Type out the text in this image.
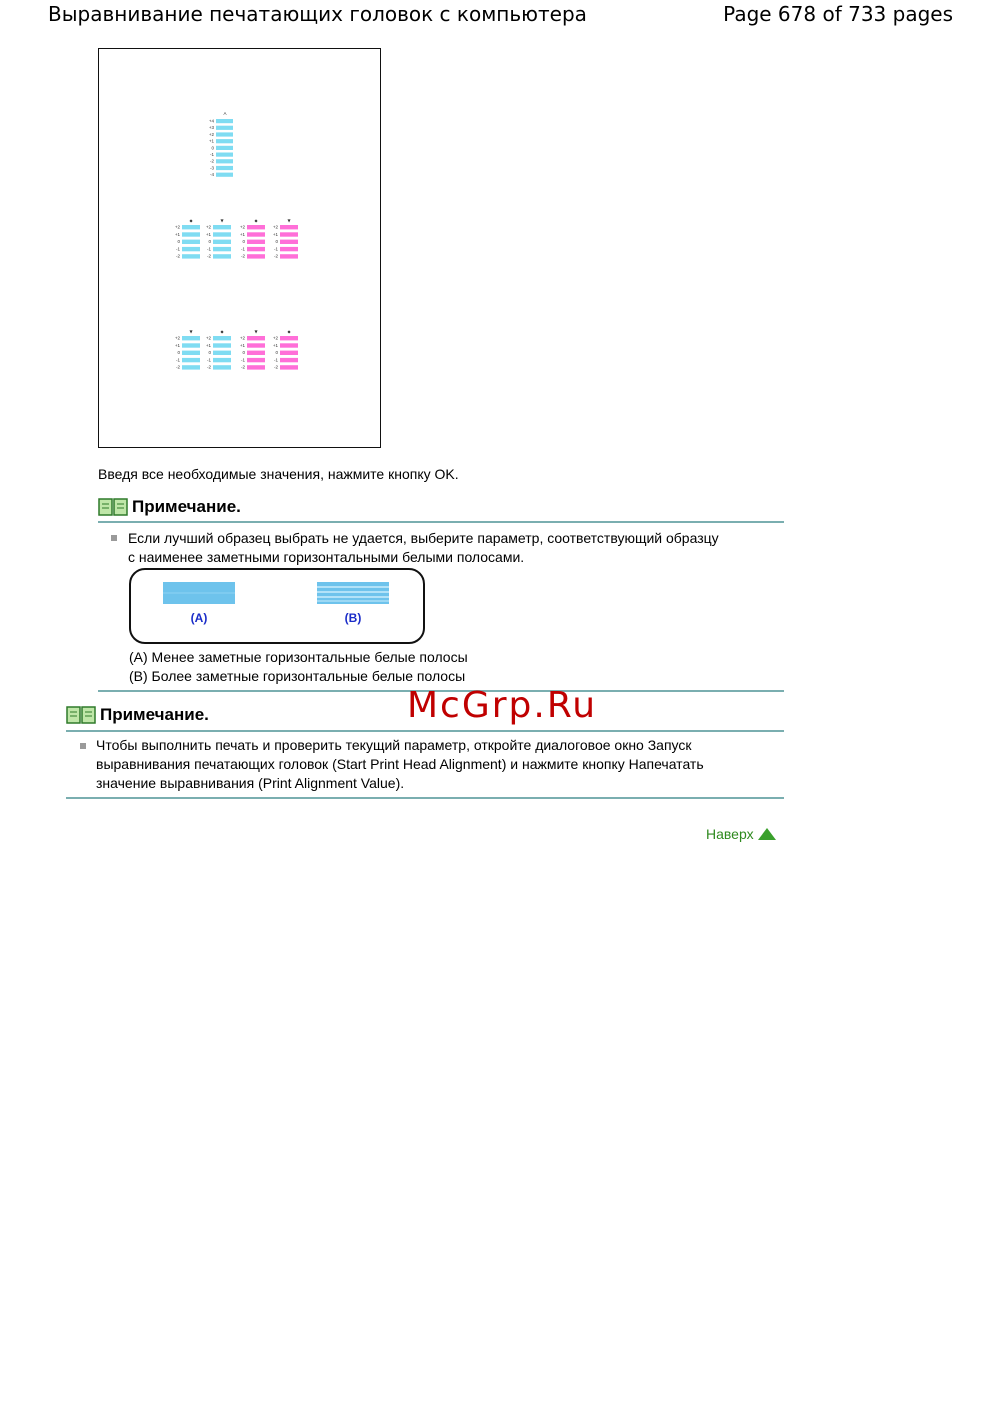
Выравнивание печатающих головок с компьютера	Page 678 of 733 pages
A
+4
+3
+2
+1
0
-1
-2
-3
-4
◆
+2
+1
0
-1
-2
▼
+2
+1
0
-1
-2
◆
+2
+1
0
-1
-2
▼
+2
+1
0
-1
-2
▼
+2
+1
0
-1
-2
◆
+2
+1
0
-1
-2
▼
+2
+1
0
-1
-2
◆
+2
+1
0
-1
-2
Введя все необходимые значения, нажмите кнопку OK.
Примечание.
Если лучший образец выбрать не удается, выберите параметр, соответствующий образцу
с наименее заметными горизонтальными белыми полосами.
(A)	(B)
(A) Менее заметные горизонтальные белые полосы
(B) Более заметные горизонтальные белые полосы
McGrp.Ru
Примечание.
Чтобы выполнить печать и проверить текущий параметр, откройте диалоговое окно Запуск
выравнивания печатающих головок (Start Print Head Alignment) и нажмите кнопку Напечатать
значение выравнивания (Print Alignment Value).
Наверх
